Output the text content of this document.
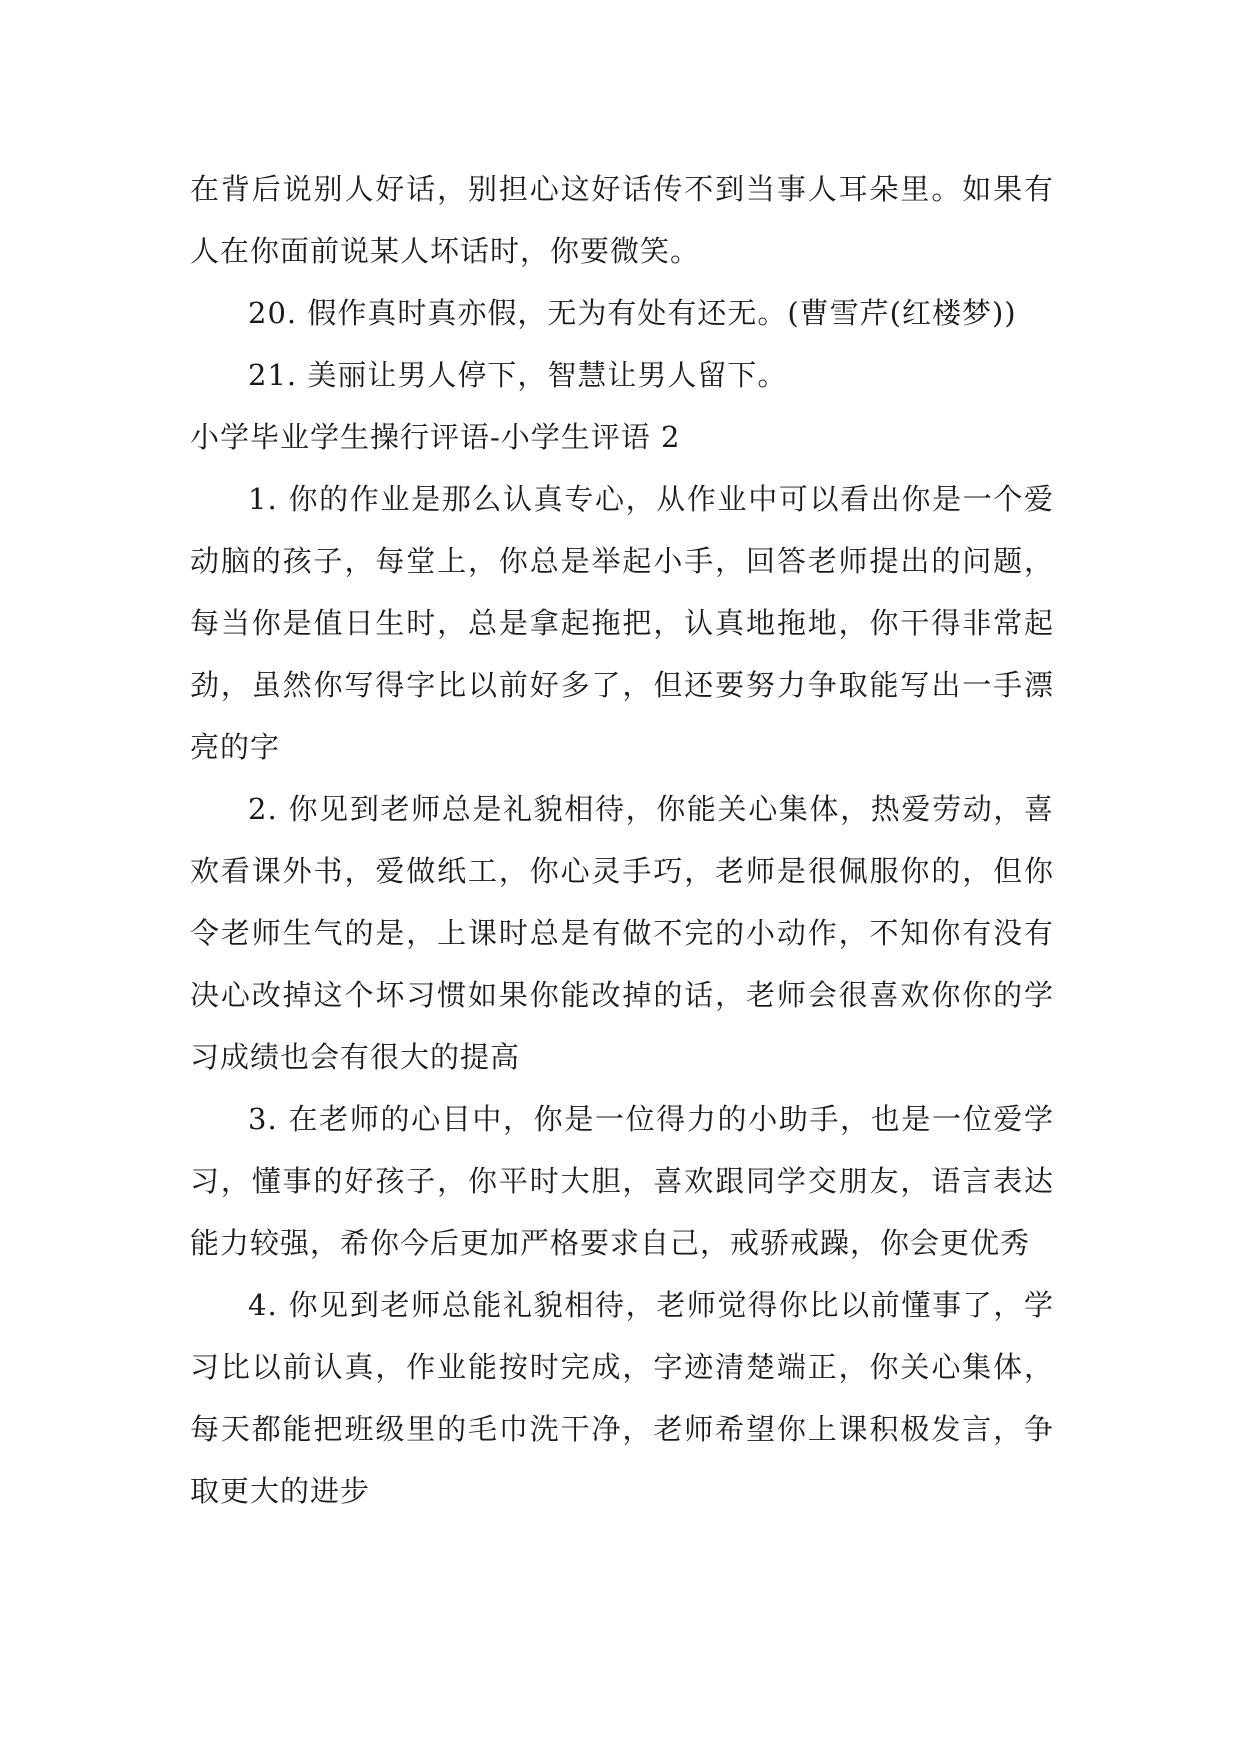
在背后说别人好话，别担心这好话传不到当事人耳朵里。如果有人在你面前说某人坏话时，你要微笑。

20. 假作真时真亦假，无为有处有还无。(曹雪芹(红楼梦))

21. 美丽让男人停下，智慧让男人留下。

小学毕业学生操行评语-小学生评语 2

1. 你的作业是那么认真专心，从作业中可以看出你是一个爱动脑的孩子，每堂上，你总是举起小手，回答老师提出的问题，每当你是值日生时，总是拿起拖把，认真地拖地，你干得非常起劲，虽然你写得字比以前好多了，但还要努力争取能写出一手漂亮的字

2. 你见到老师总是礼貌相待，你能关心集体，热爱劳动，喜欢看课外书，爱做纸工，你心灵手巧，老师是很佩服你的，但你令老师生气的是，上课时总是有做不完的小动作，不知你有没有决心改掉这个坏习惯如果你能改掉的话，老师会很喜欢你你的学习成绩也会有很大的提高

3. 在老师的心目中，你是一位得力的小助手，也是一位爱学习，懂事的好孩子，你平时大胆，喜欢跟同学交朋友，语言表达能力较强，希你今后更加严格要求自己，戒骄戒躁，你会更优秀

4. 你见到老师总能礼貌相待，老师觉得你比以前懂事了，学习比以前认真，作业能按时完成，字迹清楚端正，你关心集体，每天都能把班级里的毛巾洗干净，老师希望你上课积极发言，争取更大的进步
